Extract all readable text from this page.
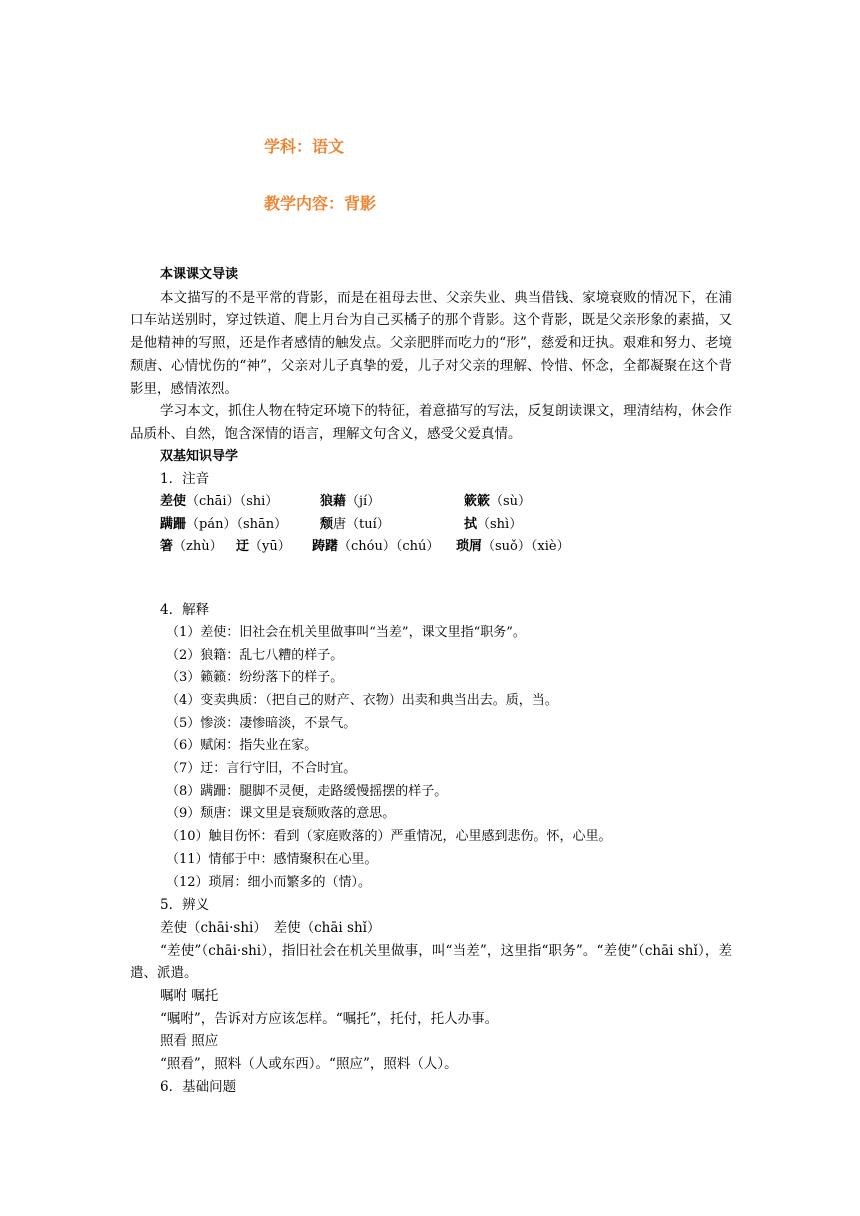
学科：语文
教学内容：背影
本课课文导读
本文描写的不是平常的背影，而是在祖母去世、父亲失业、典当借钱、家境衰败的情况下，在浦口车站送别时，穿过铁道、爬上月台为自己买橘子的那个背影。这个背影，既是父亲形象的素描，又是他精神的写照，还是作者感情的触发点。父亲肥胖而吃力的“形”，慈爱和迂执。艰难和努力、老境颓唐、心情忧伤的“神”，父亲对儿子真挚的爱，儿子对父亲的理解、怜惜、怀念，全都凝聚在这个背影里，感情浓烈。
学习本文，抓住人物在特定环境下的特征，着意描写的写法，反复朗读课文，理清结构，休会作品质朴、自然，饱含深情的语言，理解文句含义，感受父爱真情。
双基知识导学
1．注音
差使（chāi）（shi）	狼藉（jí）	簌簌（sù）
蹒跚（pán）（shān）	颓唐（tuí）	拭（shì）
箸（zhù） 迂（yū） 踌躇（chóu）（chú） 琐屑（suǒ）（xiè）
4．解释
（1）差使：旧社会在机关里做事叫“当差”，课文里指“职务”。
（2）狼籍：乱七八糟的样子。
（3）籁籁：纷纷落下的样子。
（4）变卖典质：（把自己的财产、衣物）出卖和典当出去。质，当。
（5）惨淡：凄惨暗淡，不景气。
（6）赋闲：指失业在家。
（7）迂：言行守旧，不合时宜。
（8）蹒跚：腿脚不灵便，走路缓慢摇摆的样子。
（9）颓唐：课文里是衰颓败落的意思。
（10）触目伤怀：看到（家庭败落的）严重情况，心里感到悲伤。怀，心里。
（11）情郁于中：感情聚积在心里。
（12）琐屑：细小而繁多的（情）。
5．辨义
差使（chāi·shi）　差使（chāi shǐ）
“差使”（chāi·shi），指旧社会在机关里做事，叫“当差”，这里指“职务”。“差使”（chāi shǐ），差遣、派遣。
嘱咐 嘱托
“嘱咐”，告诉对方应该怎样。“嘱托”，托付，托人办事。
照看 照应
“照看”，照料（人或东西）。“照应”，照料（人）。
6．基础问题
